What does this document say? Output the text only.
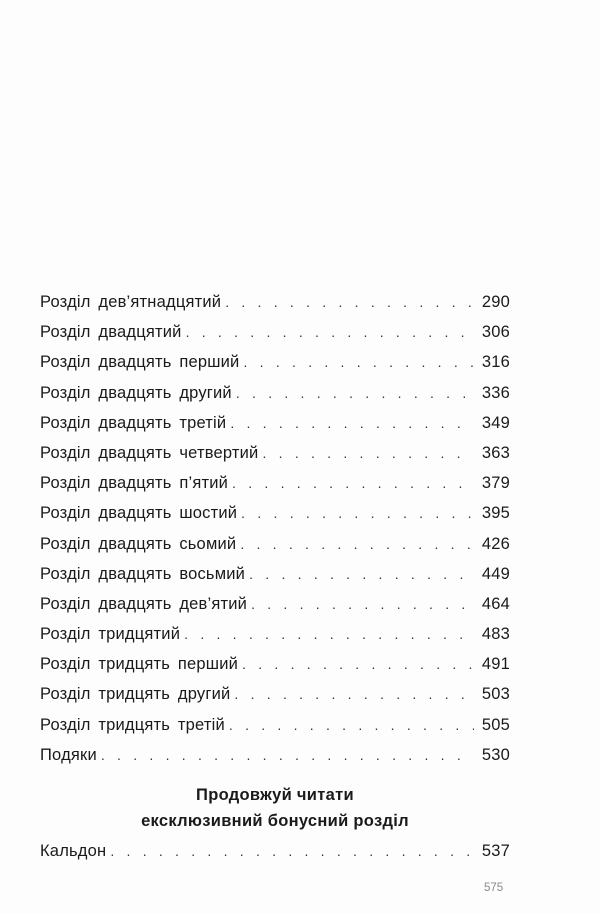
Розділ дев’ятнадцятий . . .	290
Розділ двадцятий . . .	306
Розділ двадцять перший . . .	316
Розділ двадцять другий . . .	336
Розділ двадцять третій . . .	349
Розділ двадцять четвертий . . .	363
Розділ двадцять п’ятий . . .	379
Розділ двадцять шостий . . .	395
Розділ двадцять сьомий . . .	426
Розділ двадцять восьмий . . .	449
Розділ двадцять дев’ятий . . .	464
Розділ тридцятий . . .	483
Розділ тридцять перший . . .	491
Розділ тридцять другий . . .	503
Розділ тридцять третій . . .	505
Подяки . . .	530
Продовжуй читати
ексклюзивний бонусний розділ
Кальдон . . .	537
575
